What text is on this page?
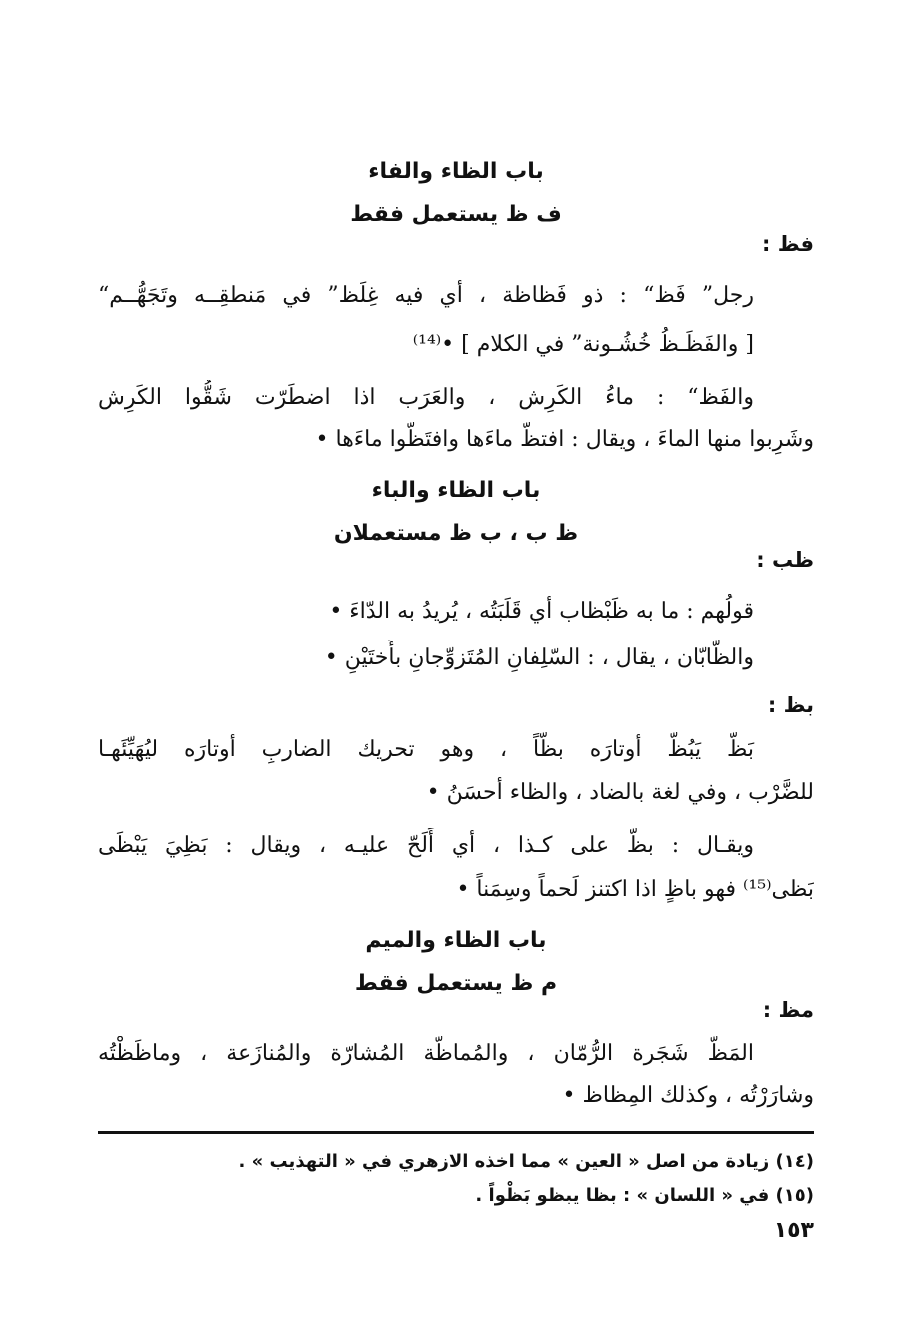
باب الظاء والفاء
ف ظ يستعمل فقط
فظ :
رجل” فَظ“ : ذو فَظاظة ، أي فيه غِلَظ” في مَنطقِــه وتَجَهُّــم“
[ والفَظَـظُ خُشُـونة” في الكلام ] •⁽¹⁴⁾
والفَظ“ : ماءُ الكَرِش ، والعَرَب اذا اضطَرّت شَقُّوا الكَرِش
وشَرِبوا منها الماءَ ، ويقال : افتظّ ماءَها وافتَظّوا ماءَها •
باب الظاء والباء
ظ ب ، ب ظ مستعملان
ظب :
قولُهم : ما به ظَبْظاب أي قَلَبَتُه ، يُريدُ به الدّاءَ •
والظّابّان ، يقال ، : السّلِفانِ المُتَزوِّجانِ بأُختَيْنِ •
بظ :
بَظّ يَبُظّ أوتارَه بظّاً ، وهو تحريك الضاربِ أوتارَه ليُهَيِّئَهـا
للضَّرْب ، وفي لغة بالضاد ، والظاء أحسَنُ •
ويقـال : بظّ على كـذا ، أي أَلَحّ عليـه ، ويقال : بَظِيَ يَبْظَى
بَظى⁽¹⁵⁾ فهو باظٍ اذا اكتنز لَحماً وسِمَناً •
باب الظاء والميم
م ظ يستعمل فقط
مظ :
المَظّ شَجَرة الرُّمّان ، والمُماظّة المُشارّة والمُنازَعة ، وماظَظْتُه
وشارَرْتُه ، وكذلك المِظاظ •
(١٤) زيادة من اصل « العين » مما اخذه الازهري في « التهذيب » .
(١٥) في « اللسان » : بظا يبظو بَظْواً .
١٥٣
